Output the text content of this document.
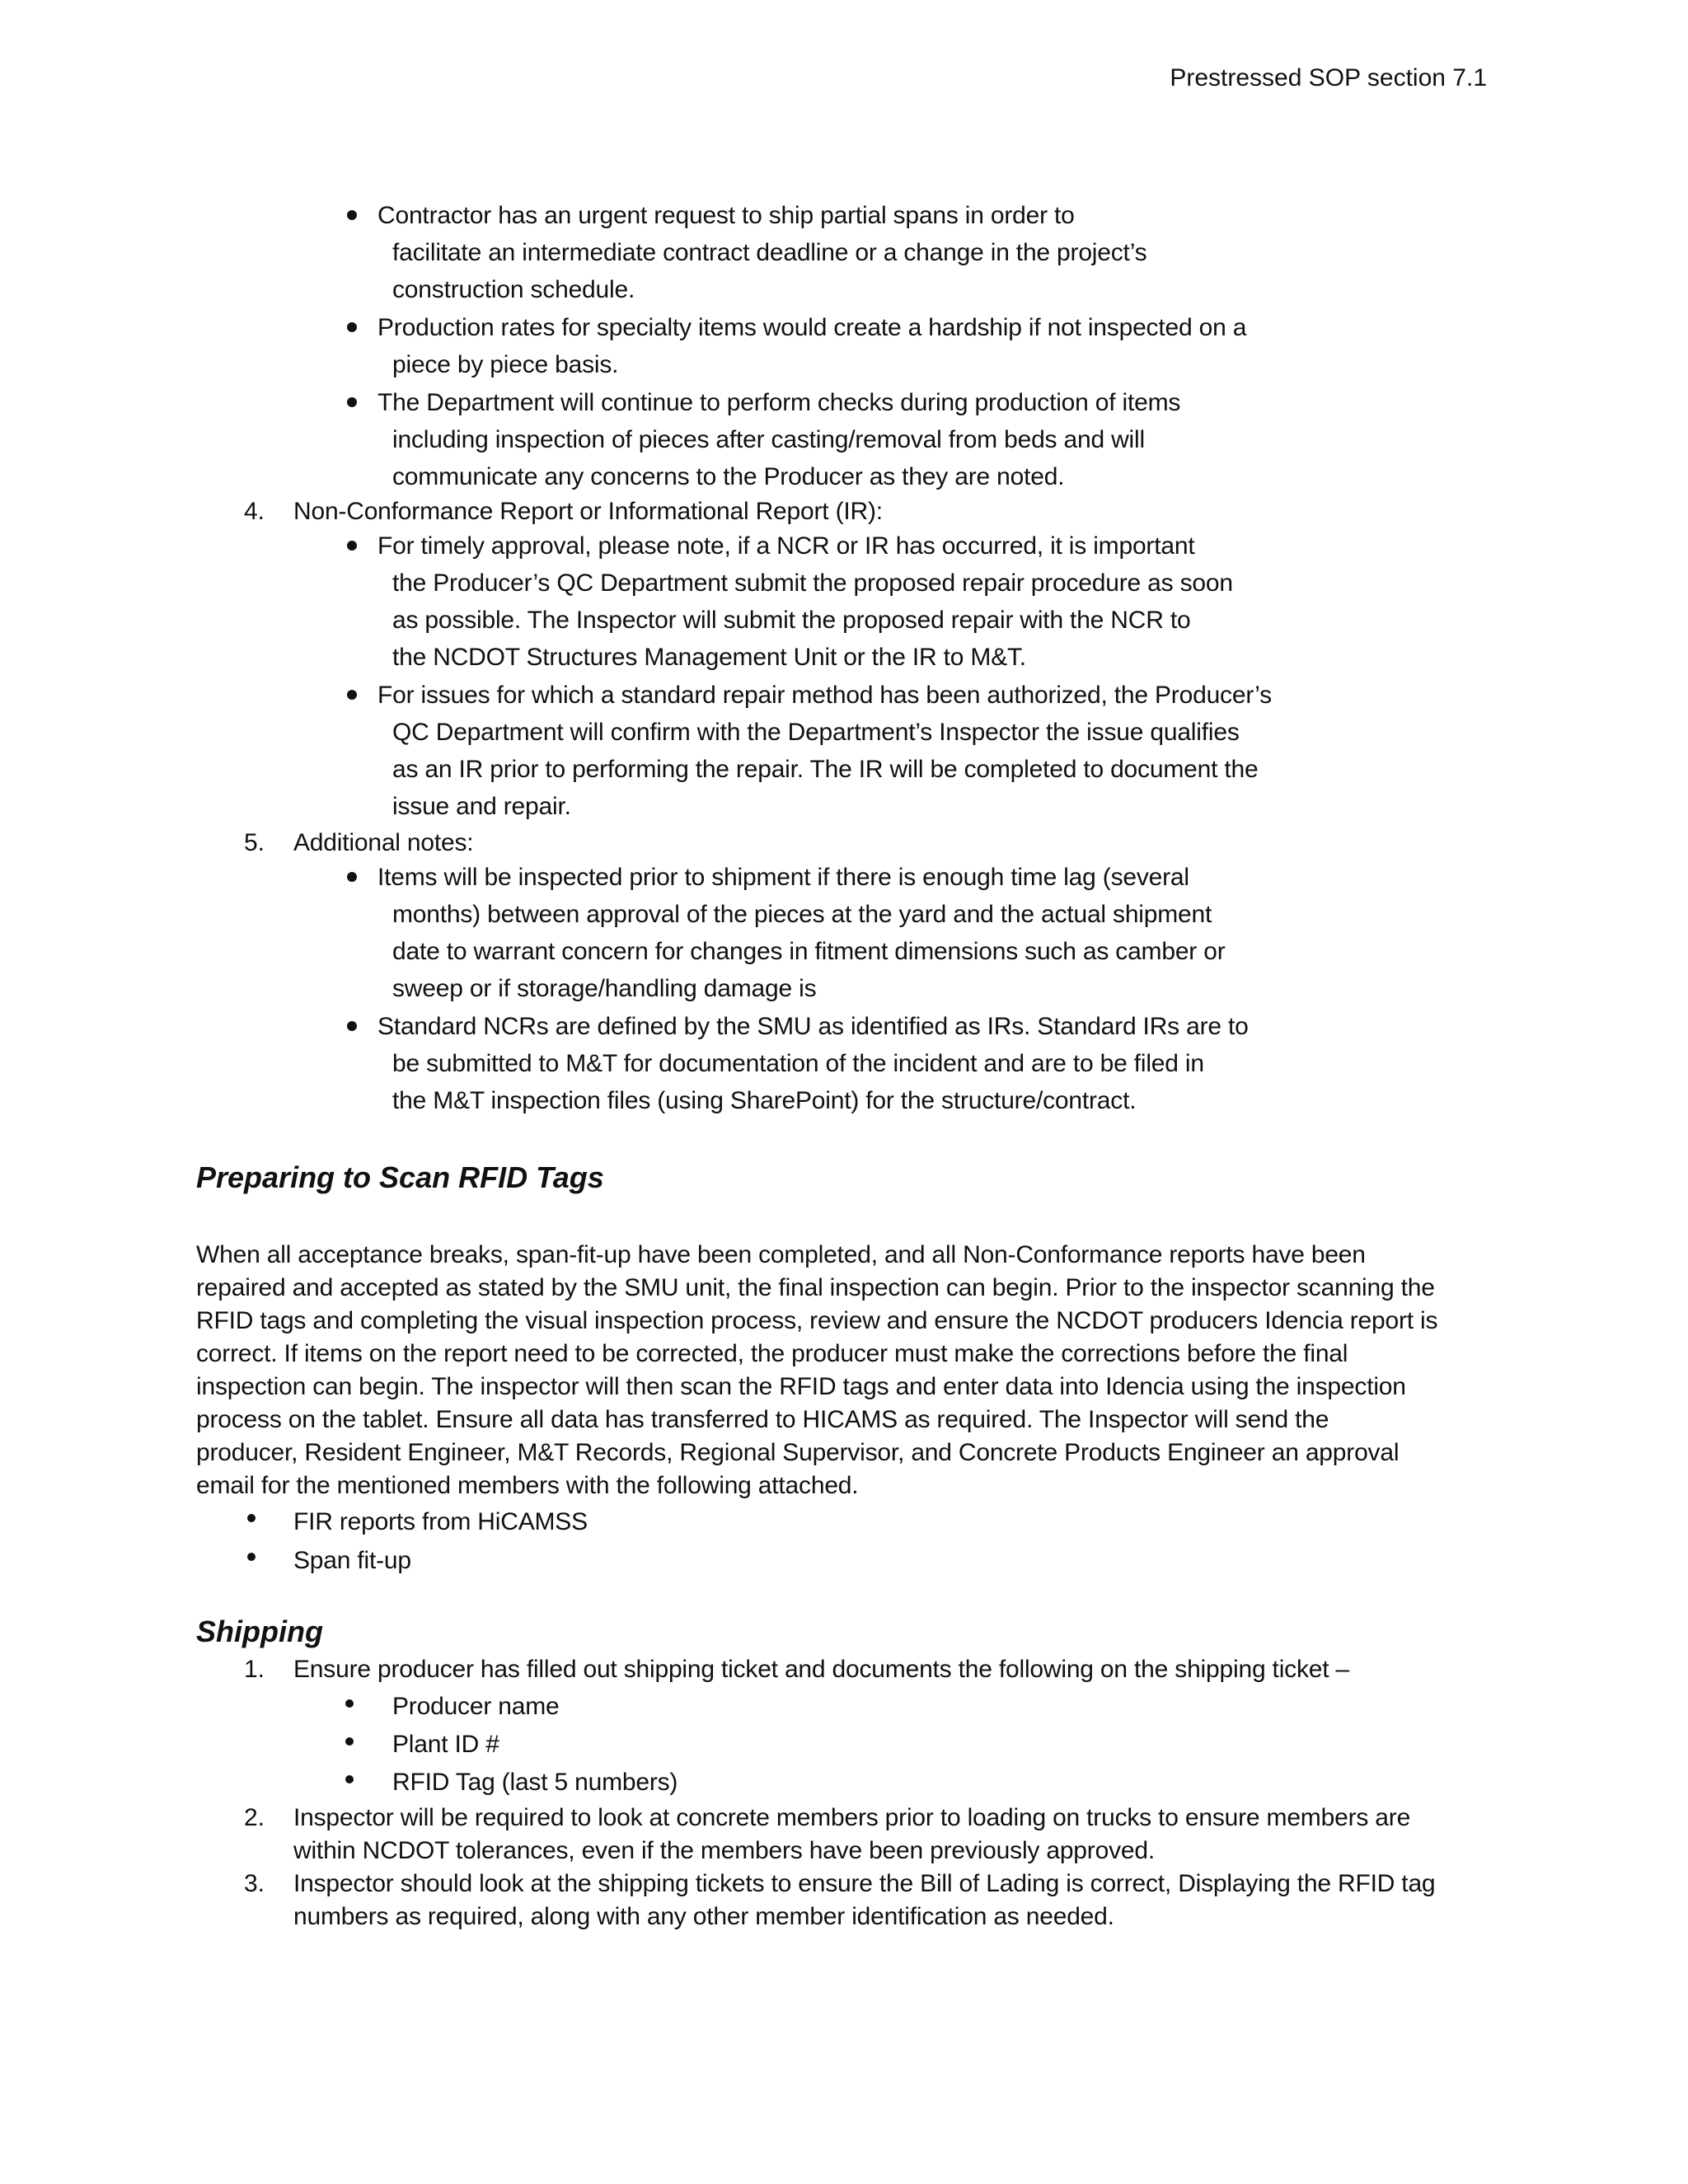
Prestressed SOP section 7.1

Contractor has an urgent request to ship partial spans in order to

facilitate an intermediate contract deadline or a change in the project’s

construction schedule.

Production rates for specialty items would create a hardship if not inspected on a

piece by piece basis.

The Department will continue to perform checks during production of items

including inspection of pieces after casting/removal from beds and will

communicate any concerns to the Producer as they are noted.

4. Non-Conformance Report or Informational Report (IR):

For timely approval, please note, if a NCR or IR has occurred, it is important

the Producer’s QC Department submit the proposed repair procedure as soon

as possible. The Inspector will submit the proposed repair with the NCR to

the NCDOT Structures Management Unit or the IR to M&T.

For issues for which a standard repair method has been authorized, the Producer’s

QC Department will confirm with the Department’s Inspector the issue qualifies

as an IR prior to performing the repair. The IR will be completed to document the

issue and repair.

5. Additional notes:

Items will be inspected prior to shipment if there is enough time lag (several

months) between approval of the pieces at the yard and the actual shipment

date to warrant concern for changes in fitment dimensions such as camber or

sweep or if storage/handling damage is

Standard NCRs are defined by the SMU as identified as IRs. Standard IRs are to

be submitted to M&T for documentation of the incident and are to be filed in

the M&T inspection files (using SharePoint) for the structure/contract.

Preparing to Scan RFID Tags

When all acceptance breaks, span-fit-up have been completed, and all Non-Conformance reports have been

repaired and accepted as stated by the SMU unit, the final inspection can begin. Prior to the inspector scanning the

RFID tags and completing the visual inspection process, review and ensure the NCDOT producers Idencia report is

correct. If items on the report need to be corrected, the producer must make the corrections before the final

inspection can begin. The inspector will then scan the RFID tags and enter data into Idencia using the inspection

process on the tablet. Ensure all data has transferred to HICAMS as required. The Inspector will send the

producer, Resident Engineer, M&T Records, Regional Supervisor, and Concrete Products Engineer an approval

email for the mentioned members with the following attached.

FIR reports from HiCAMSS

Span fit-up

Shipping
1. Ensure producer has filled out shipping ticket and documents the following on the shipping ticket –

Producer name

Plant ID #

RFID Tag (last 5 numbers)

2. Inspector will be required to look at concrete members prior to loading on trucks to ensure members are

within NCDOT tolerances, even if the members have been previously approved.

3. Inspector should look at the shipping tickets to ensure the Bill of Lading is correct, Displaying the RFID tag

numbers as required, along with any other member identification as needed.
